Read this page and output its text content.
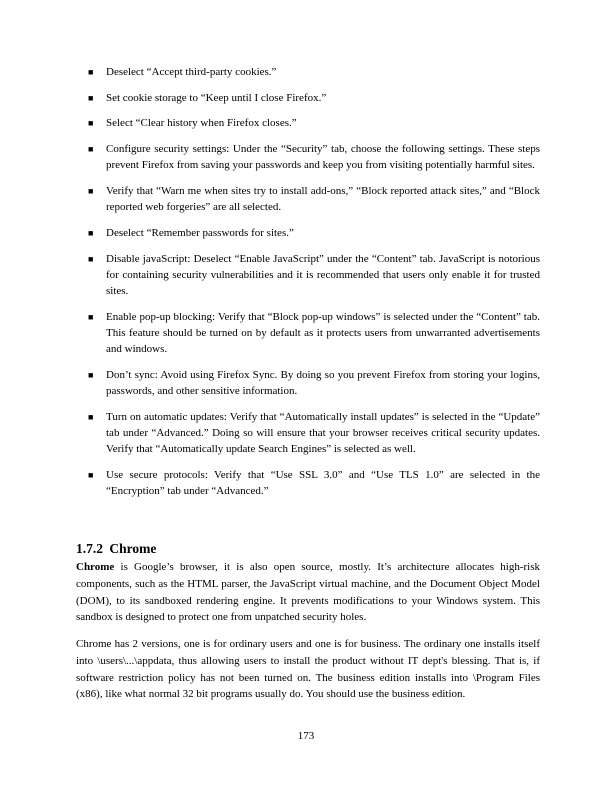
■ Deselect “Accept third-party cookies.”
■ Set cookie storage to “Keep until I close Firefox.”
■ Select “Clear history when Firefox closes.”
■ Configure security settings: Under the “Security” tab, choose the following settings. These steps prevent Firefox from saving your passwords and keep you from visiting potentially harmful sites.
■ Verify that “Warn me when sites try to install add-ons,” “Block reported attack sites,” and “Block reported web forgeries” are all selected.
■ Deselect “Remember passwords for sites.”
■ Disable javaScript: Deselect “Enable JavaScript” under the “Content” tab. JavaScript is notorious for containing security vulnerabilities and it is recommended that users only enable it for trusted sites.
■ Enable pop-up blocking: Verify that “Block pop-up windows” is selected under the “Content” tab. This feature should be turned on by default as it protects users from unwarranted advertisements and windows.
■ Don’t sync: Avoid using Firefox Sync. By doing so you prevent Firefox from storing your logins, passwords, and other sensitive information.
■ Turn on automatic updates: Verify that “Automatically install updates” is selected in the “Update” tab under “Advanced.” Doing so will ensure that your browser receives critical security updates. Verify that “Automatically update Search Engines” is selected as well.
■ Use secure protocols: Verify that “Use SSL 3.0” and “Use TLS 1.0” are selected in the “Encryption” tab under “Advanced.”
1.7.2 Chrome

Chrome is Google’s browser, it is also open source, mostly. It’s architecture allocates high-risk components, such as the HTML parser, the JavaScript virtual machine, and the Document Object Model (DOM), to its sandboxed rendering engine. It prevents modifications to your Windows system. This sandbox is designed to protect one from unpatched security holes.

Chrome has 2 versions, one is for ordinary users and one is for business. The ordinary one installs itself into \users\...\appdata, thus allowing users to install the product without IT dept's blessing. That is, if software restriction policy has not been turned on. The business edition installs into \Program Files (x86), like what normal 32 bit programs usually do. You should use the business edition.

173
